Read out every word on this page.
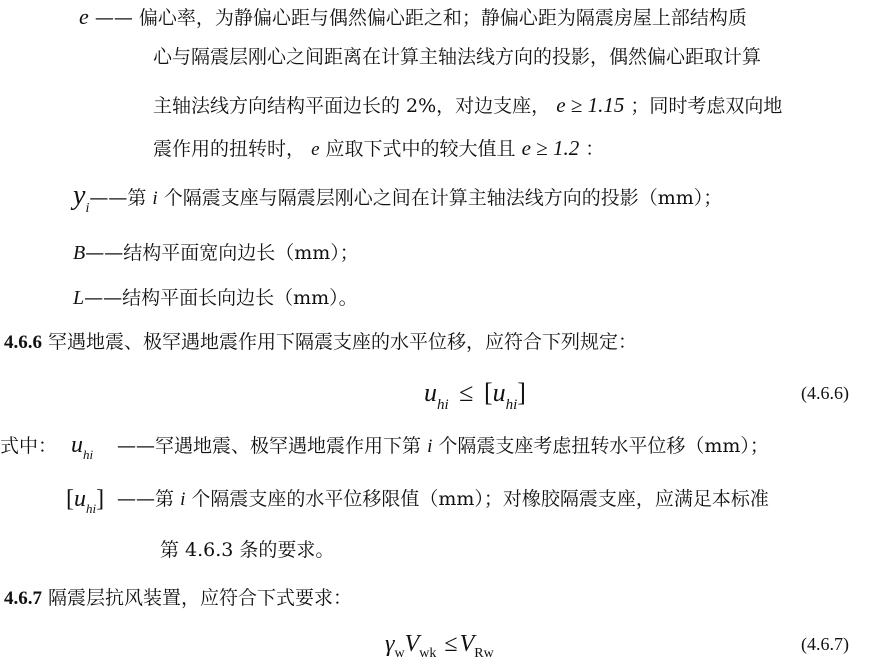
e —— 偏心率，为静偏心距与偶然偏心距之和；静偏心距为隔震房屋上部结构质
心与隔震层刚心之间距离在计算主轴法线方向的投影，偶然偏心距取计算
主轴法线方向结构平面边长的 2%，对边支座， e ≥ 1.15 ；同时考虑双向地
震作用的扭转时， e 应取下式中的较大值且 e ≥ 1.2 ：
$y_i——$第 i 个隔震支座与隔震层刚心之间在计算主轴法线方向的投影（mm）；
B——结构平面宽向边长（mm）；
L——结构平面长向边长（mm）。
4.6.6 罕遇地震、极罕遇地震作用下隔震支座的水平位移，应符合下列规定：
$u_{hi} \le [u_{hi}]$	(4.6.6)
式中： $u_{hi}$ ——罕遇地震、极罕遇地震作用下第 i 个隔震支座考虑扭转水平位移（mm）；
$[u_{hi}]$ ——第 i 个隔震支座的水平位移限值（mm）；对橡胶隔震支座，应满足本标准
第 4.6.3 条的要求。
4.6.7 隔震层抗风装置，应符合下式要求：
$\gamma_wV_{wk} \le V_{Rw}$	(4.6.7)
